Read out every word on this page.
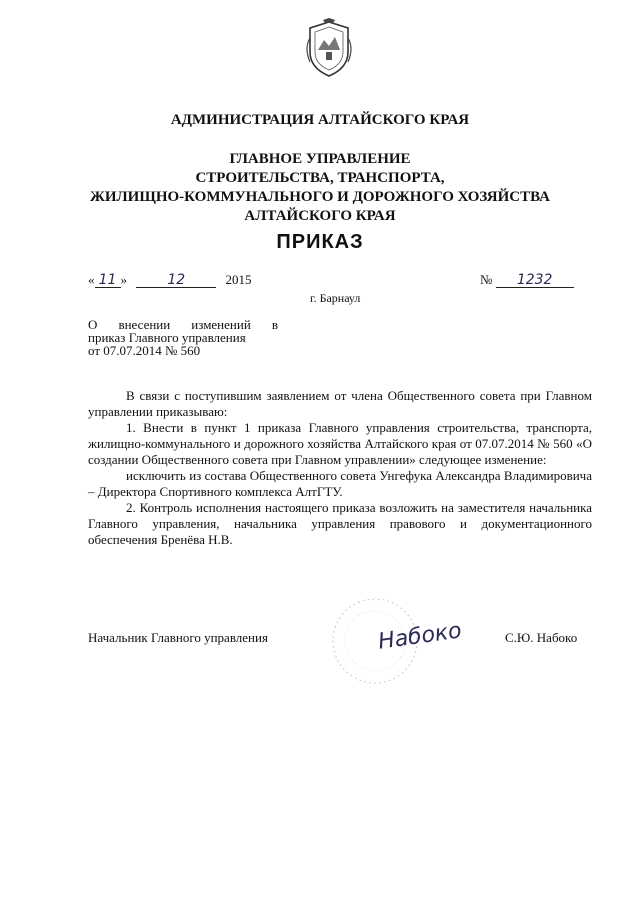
АДМИНИСТРАЦИЯ АЛТАЙСКОГО КРАЯ
ГЛАВНОЕ УПРАВЛЕНИЕ
СТРОИТЕЛЬСТВА, ТРАНСПОРТА,
ЖИЛИЩНО-КОММУНАЛЬНОГО И ДОРОЖНОГО ХОЗЯЙСТВА
АЛТАЙСКОГО КРАЯ
ПРИКАЗ
« 11 »	12	2015	№ 1232
г. Барнаул
О внесении изменений в
приказ Главного управления
от 07.07.2014 № 560

В связи с поступившим заявлением от члена Общественного совета при Главном управлении приказываю:

1. Внести в пункт 1 приказа Главного управления строительства, транспорта, жилищно-коммунального и дорожного хозяйства Алтайского края от 07.07.2014 № 560 «О создании Общественного совета при Главном управлении» следующее изменение:

исключить из состава Общественного совета Унгефука Александра Владимировича – Директора Спортивного комплекса АлтГТУ.

2. Контроль исполнения настоящего приказа возложить на заместителя начальника Главного управления, начальника управления правового и документационного обеспечения Бренёва Н.В.

Начальник Главного управления	Набоко	С.Ю. Набоко
